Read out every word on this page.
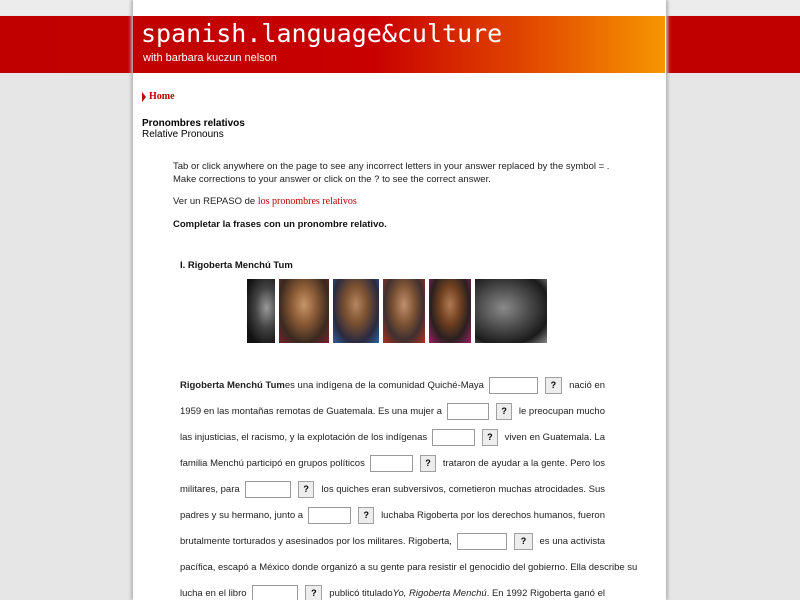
spanish.language&culture
with barbara kuczun nelson
Home
Pronombres relativos
Relative Pronouns
Tab or click anywhere on the page to see any incorrect letters in your answer replaced by the symbol = . Make corrections to your answer or click on the ? to see the correct answer.
Ver un REPASO de los pronombres relativos
Completar la frases con un pronombre relativo.
I. Rigoberta Menchú Tum
Rigoberta Menchú Tum es una indígena de la comunidad Quiché-Maya	?	nació en
1959 en las montañas remotas de Guatemala. Es una mujer a	?	le preocupan mucho
las injusticias, el racismo, y la explotación de los indígenas	?	viven en Guatemala. La
familia Menchú participó en grupos políticos	?	trataron de ayudar a la gente. Pero los
militares, para	?	los quiches eran subversivos, cometieron muchas atrocidades. Sus
padres y su hermano, junto a	?	luchaba Rigoberta por los derechos humanos, fueron
brutalmente torturados y asesinados por los militares. Rigoberta,	?	es una activista
pacífica, escapó a México donde organizó a su gente para resistir el genocidio del gobierno. Ella describe su
lucha en el libro	?	publicó titulado Yo, Rigoberta Menchú . En 1992 Rigoberta ganó el
